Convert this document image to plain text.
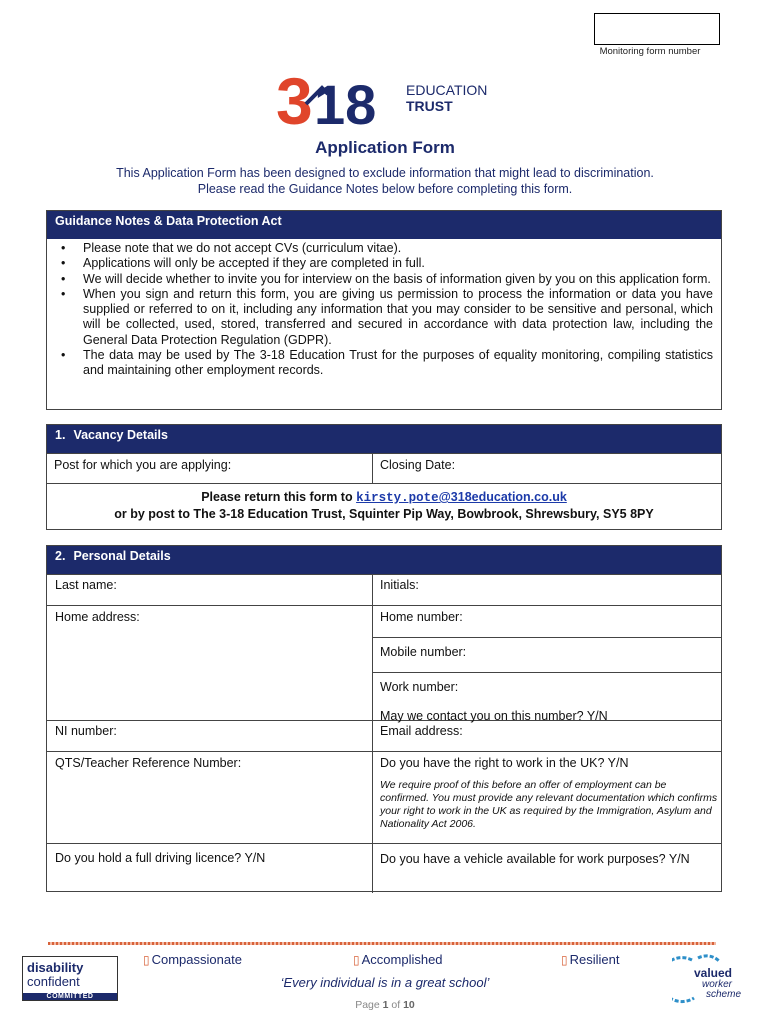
Monitoring form number
3 18 EDUCATION
TRUST
Application Form
This Application Form has been designed to exclude information that might lead to discrimination.
Please read the Guidance Notes below before completing this form.
Guidance Notes & Data Protection Act
• Please note that we do not accept CVs (curriculum vitae).
• Applications will only be accepted if they are completed in full.
• We will decide whether to invite you for interview on the basis of information given by you on this application form.
• When you sign and return this form, you are giving us permission to process the information or data you have supplied or referred to on it, including any information that you may consider to be sensitive and personal, which will be collected, used, stored, transferred and secured in accordance with data protection law, including the General Data Protection Regulation (GDPR).
• The data may be used by The 3-18 Education Trust for the purposes of equality monitoring, compiling statistics and maintaining other employment records.
1. Vacancy Details
Post for which you are applying:	Closing Date:
Please return this form to kirsty.pote@318education.co.uk
or by post to The 3-18 Education Trust, Squinter Pip Way, Bowbrook, Shrewsbury, SY5 8PY
2. Personal Details
Last name:	Initials:
Home address:	Home number:
Mobile number:
Work number:
May we contact you on this number? Y/N
NI number:	Email address:
QTS/Teacher Reference Number:	Do you have the right to work in the UK? Y/N
We require proof of this before an offer of employment can be confirmed. You must provide any relevant documentation which confirms your right to work in the UK as required by the Immigration, Asylum and Nationality Act 2006.
Do you hold a full driving licence? Y/N	Do you have a vehicle available for work purposes? Y/N
▯ Compassionate	▯ Accomplished	▯ Resilient
‘Every individual is in a great school’
Page 1 of 10
disability
confident
COMMITTED
valued
worker
scheme
